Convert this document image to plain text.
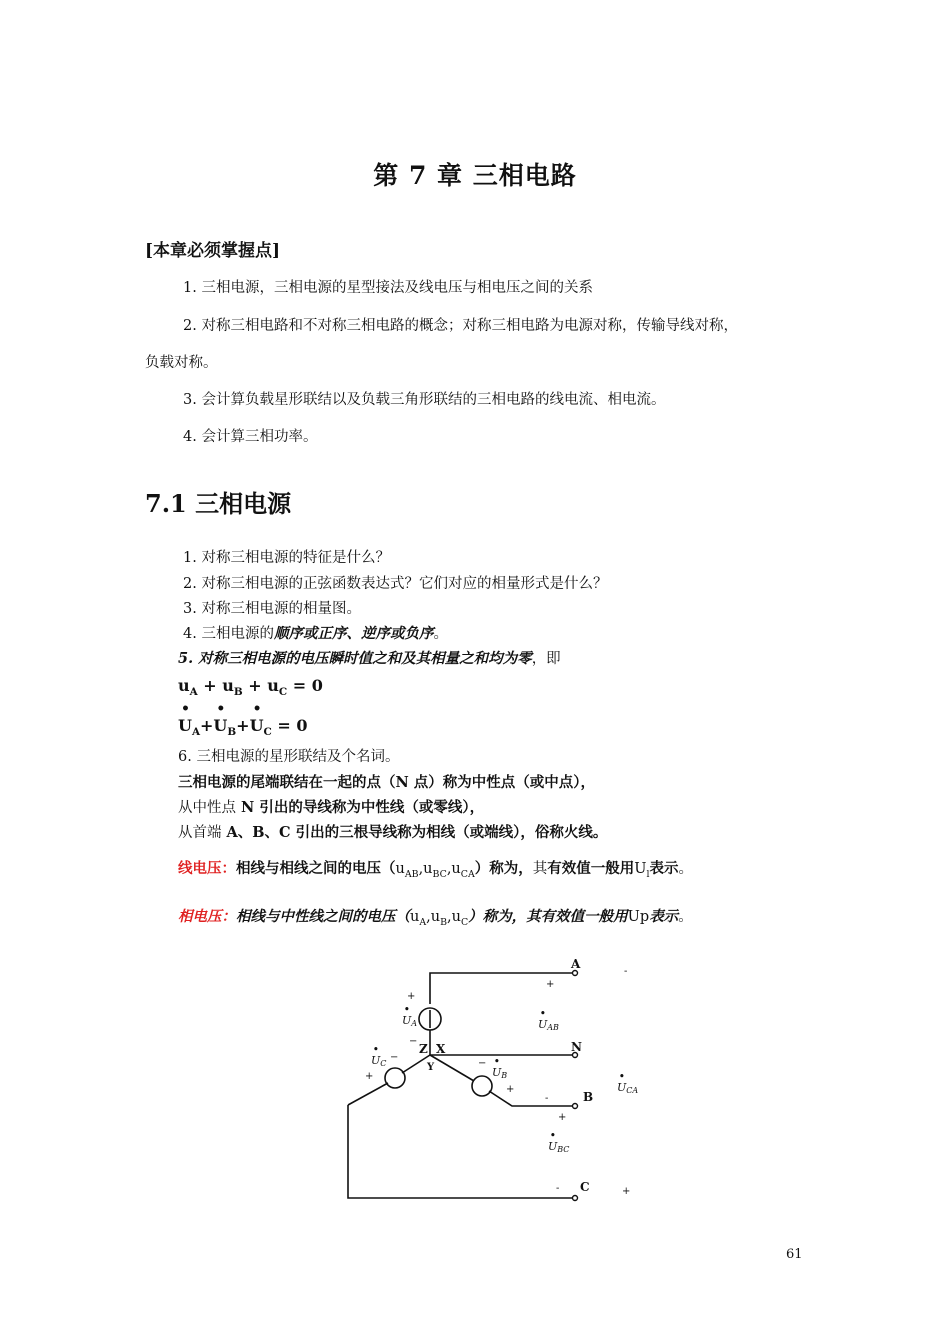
第 7 章 三相电路
[本章必须掌握点]
1. 三相电源，三相电源的星型接法及线电压与相电压之间的关系
2. 对称三相电路和不对称三相电路的概念；对称三相电路为电源对称，传输导线对称，
负载对称。
3. 会计算负载星形联结以及负载三角形联结的三相电路的线电流、相电流。
4. 会计算三相功率。
7.1 三相电源
1. 对称三相电源的特征是什么？
2. 对称三相电源的正弦函数表达式？它们对应的相量形式是什么？
3. 对称三相电源的相量图。
4. 三相电源的顺序或正序、逆序或负序。
5. 对称三相电源的电压瞬时值之和及其相量之和均为零，即
$u_A + u_B + u_C = 0$
•
$U_A+$
•
$U_B+$
•
$U_C = 0$
6. 三相电源的星形联结及个名词。
三相电源的尾端联结在一起的点（N 点）称为中性点（或中点），
从中性点 N 引出的导线称为中性线（或零线），
从首端 A、B、C 引出的三根导线称为相线（或端线），俗称火线。
线电压：相线与相线之间的电压$(u_{AB},u_{BC},u_{CA})$称为，其有效值一般用$U_l$表示。
相电压：相线与中性线之间的电压$(u_A,u_B,u_C)$称为，其有效值一般用Up表示。
A
N
B
C
Z X
Y
+
−
+
−
+
−
+
-
-
+
-	+
UA
UC
UB
UAB
UBC
UCA
•
•
•
•
•
•
61
